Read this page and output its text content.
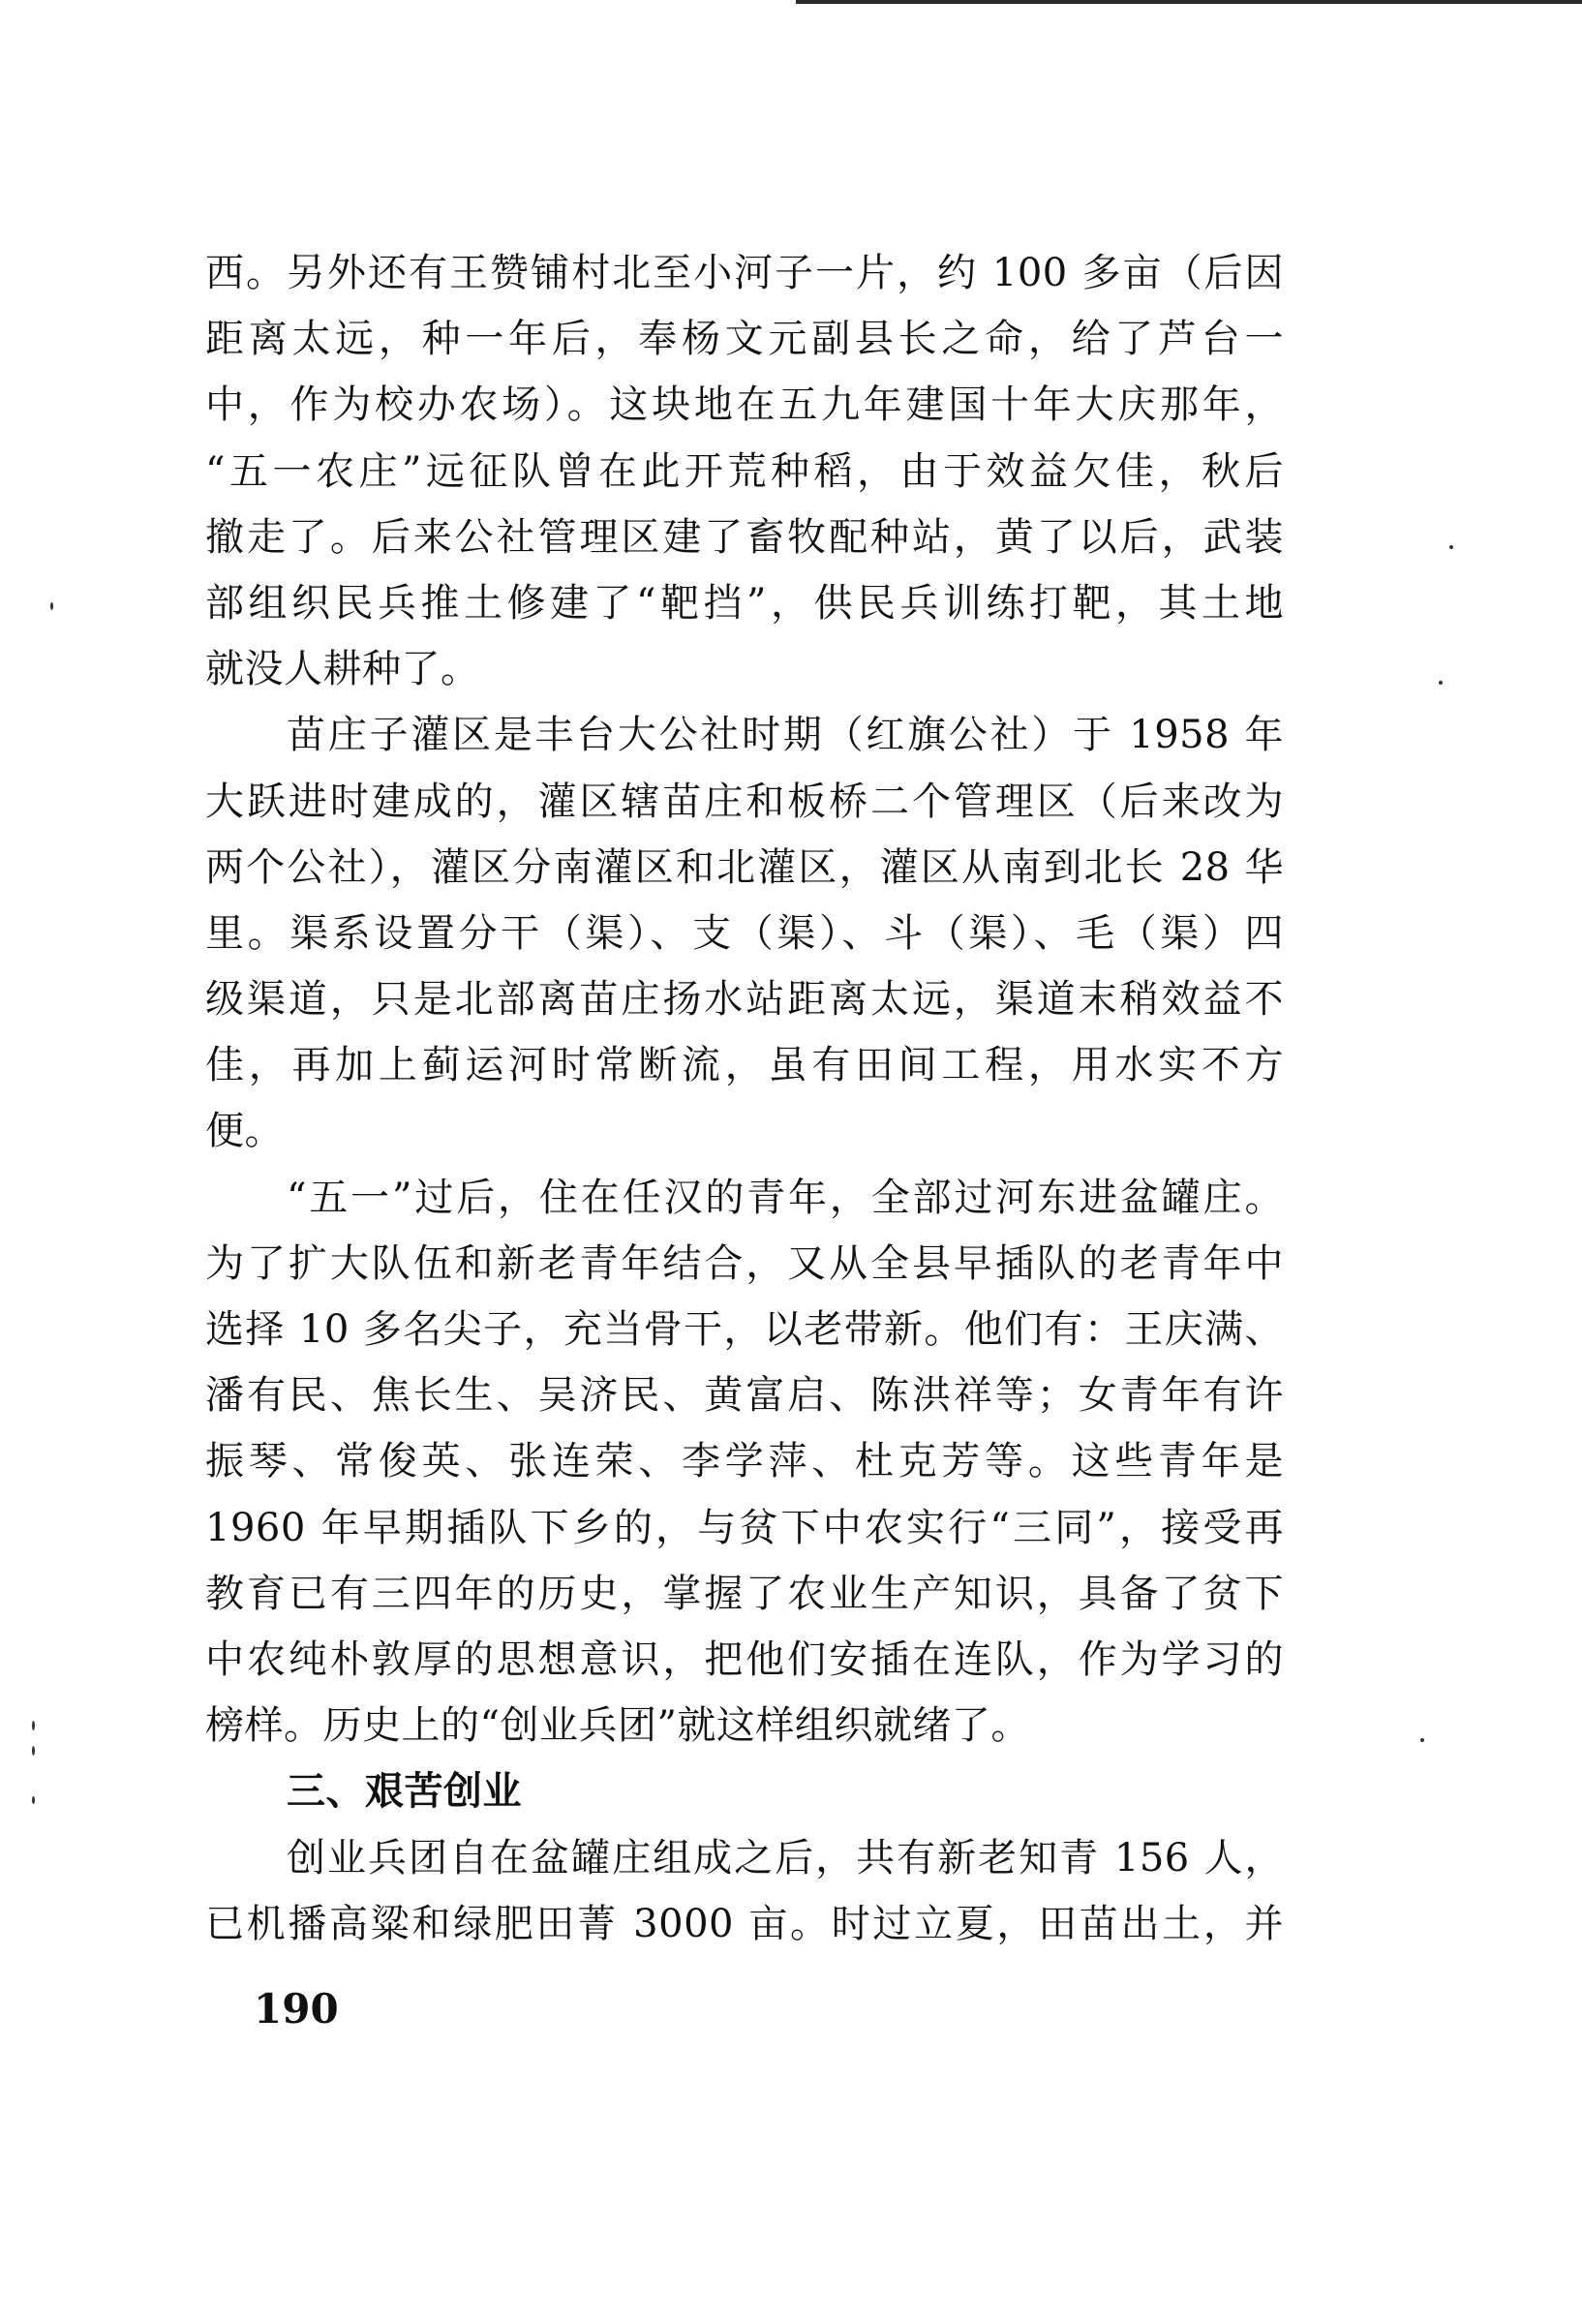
西。另外还有王赞铺村北至小河子一片，约 100 多亩（后因
距离太远，种一年后，奉杨文元副县长之命，给了芦台一
中，作为校办农场）。这块地在五九年建国十年大庆那年，
“五一农庄”远征队曾在此开荒种稻，由于效益欠佳，秋后
撤走了。后来公社管理区建了畜牧配种站，黄了以后，武装
部组织民兵推土修建了“靶挡”，供民兵训练打靶，其土地
就没人耕种了。
苗庄子灌区是丰台大公社时期（红旗公社）于 1958 年
大跃进时建成的，灌区辖苗庄和板桥二个管理区（后来改为
两个公社），灌区分南灌区和北灌区，灌区从南到北长 28 华
里。渠系设置分干（渠）、支（渠）、斗（渠）、毛（渠）四
级渠道，只是北部离苗庄扬水站距离太远，渠道末稍效益不
佳，再加上蓟运河时常断流，虽有田间工程，用水实不方
便。
“五一”过后，住在任汉的青年，全部过河东进盆罐庄。
为了扩大队伍和新老青年结合，又从全县早插队的老青年中
选择 10 多名尖子，充当骨干，以老带新。他们有：王庆满、
潘有民、焦长生、吴济民、黄富启、陈洪祥等；女青年有许
振琴、常俊英、张连荣、李学萍、杜克芳等。这些青年是
1960 年早期插队下乡的，与贫下中农实行“三同”，接受再
教育已有三四年的历史，掌握了农业生产知识，具备了贫下
中农纯朴敦厚的思想意识，把他们安插在连队，作为学习的
榜样。历史上的“创业兵团”就这样组织就绪了。
三、艰苦创业
创业兵团自在盆罐庄组成之后，共有新老知青 156 人，
已机播高粱和绿肥田菁 3000 亩。时过立夏，田苗出土，并
190
